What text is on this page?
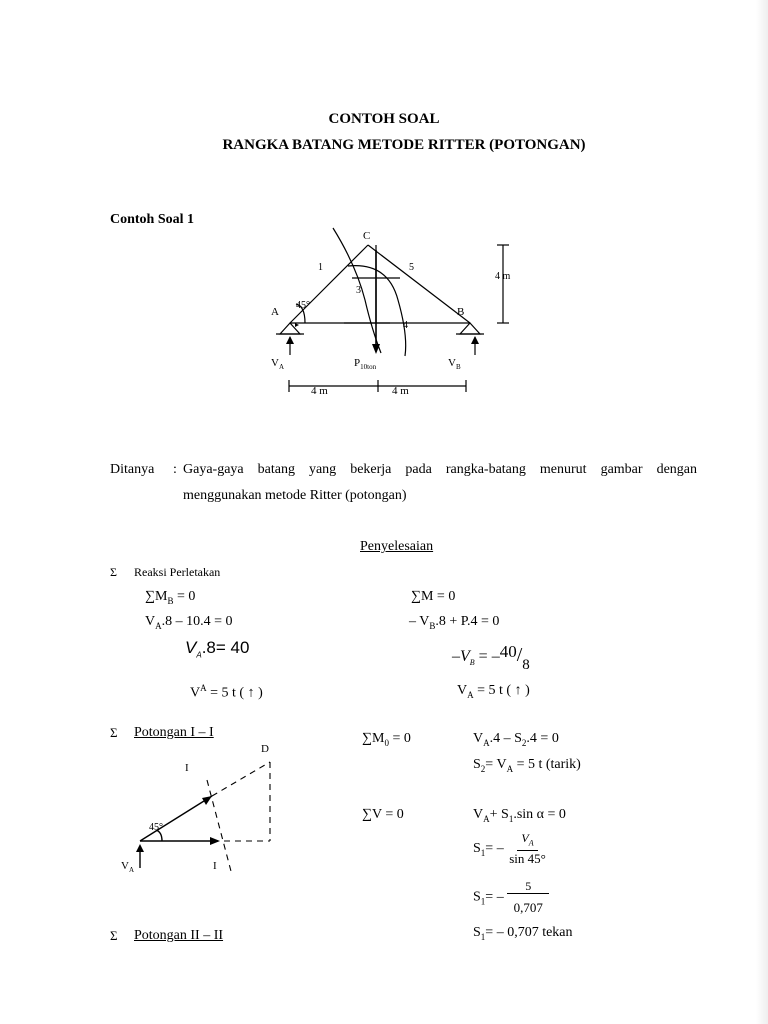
CONTOH SOAL
RANGKA BATANG METODE RITTER (POTONGAN)
Contoh Soal 1
C
A	B
1
3
4
5
45°
4 m
$V_A$	$P_{10ton}$	$V_B$
4 m	4 m
Ditanya : Gaya-gaya batang yang bekerja pada rangka-batang menurut gambar dengan
menggunakan metode Ritter (potongan)
Penyelesaian
Σ Reaksi Perletakan
$\sum M_B = 0$
$V_A.8 - 10.4 = 0$
$V_A.8= 40$
$V^A = 5$ t ( ↑ )
∑M = 0
– $V_B.8 + P.4 = 0$
$-V_B = -40/8$
$V_A = 5$ t ( ↑ )
Σ Potongan I – I
D
I
I
45°
$V_A$
$\sum M_0 = 0$	$V_A.4 - S_2.4 = 0$
$S_2= V_A = 5$ t (tarik)
∑V = 0	$V_A+ S_1.\sin$ α = 0
$S_1= - \frac{V_A}{\sin 45^\circ}$
$S_1= - \frac{5}{0,707}$
$S_1= - 0,707$ tekan
Σ Potongan II – II
